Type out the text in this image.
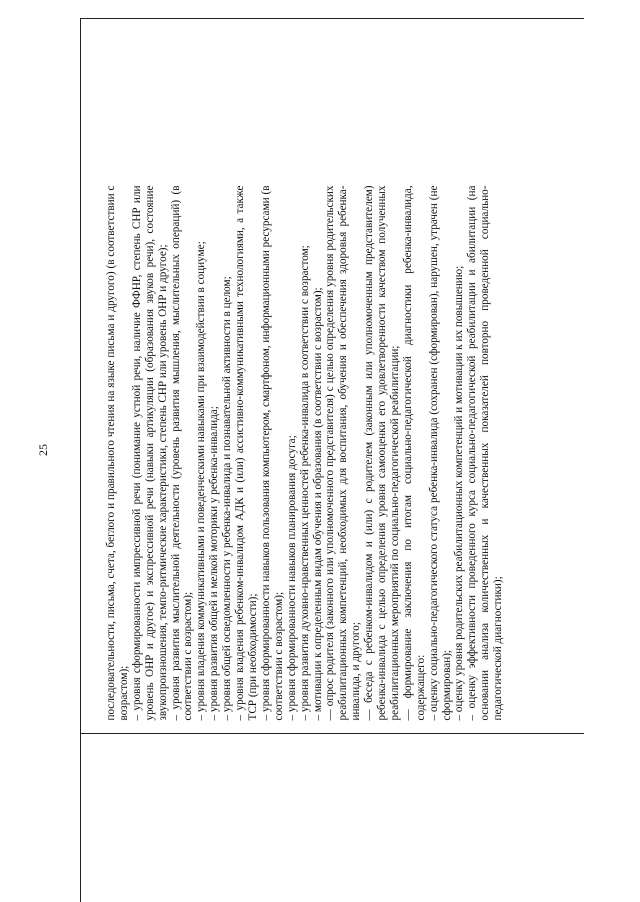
25	последовательности, письма, счета, беглого и правильного чтения на языке письма и другого) (в соответствии с возрастом); – уровня сформированности импрессивной речи (понимание устной речи, наличие ФФНР, степень СНР или уровень ОНР и другое) и экспрессивной речи (навыки артикуляции (образования звуков речи), состояние звукопроизношения, темпо-ритмические характеристики, степень СНР или уровень ОНР и другое); – уровня развития мыслительной деятельности (уровень развития мышления, мыслительных операций) (в соответствии с возрастом); – уровня владения коммуникативными и поведенческими навыками при взаимодействии в социуме; – уровня развития общей и мелкой моторики у ребенка-инвалида; – уровня общей осведомленности у ребенка-инвалида и познавательной активности в целом; – уровня владения ребенком-инвалидом АДК и (или) ассистивно-коммуникативными технологиями, а также ТСР (при необходимости); – уровня сформированности навыков пользования компьютером, смартфоном, информационными ресурсами (в соответствии с возрастом); – уровня сформированности навыков планирования досуга; – уровня развития духовно-нравственных ценностей ребенка-инвалида в соответствии с возрастом; – мотивации к определенным видам обучения и образования (в соответствии с возрастом); — опрос родителя (законного или уполномоченного представителя) с целью определения уровня родительских реабилитационных компетенций, необходимых для воспитания, обучения и обеспечения здоровья ребенка-инвалида, и другого; — беседа с ребенком-инвалидом и (или) с родителем (законным или уполномоченным представителем) ребенка-инвалида с целью определения уровня самооценки его удовлетворенности качеством полученных реабилитационных мероприятий по социально-педагогической реабилитации; — формирование заключения по итогам социально-педагогической диагностики ребенка-инвалида, содержащего: – оценку социально-педагогического статуса ребенка-инвалида (сохранен (сформирован), нарушен, утрачен (не сформирован); – оценку уровня родительских реабилитационных компетенций и мотивации к их повышению; – оценку эффективности проведенного курса социально-педагогической реабилитации и абилитации (на основании анализа количественных и качественных показателей повторно проведенной социально-педагогической диагностики);
